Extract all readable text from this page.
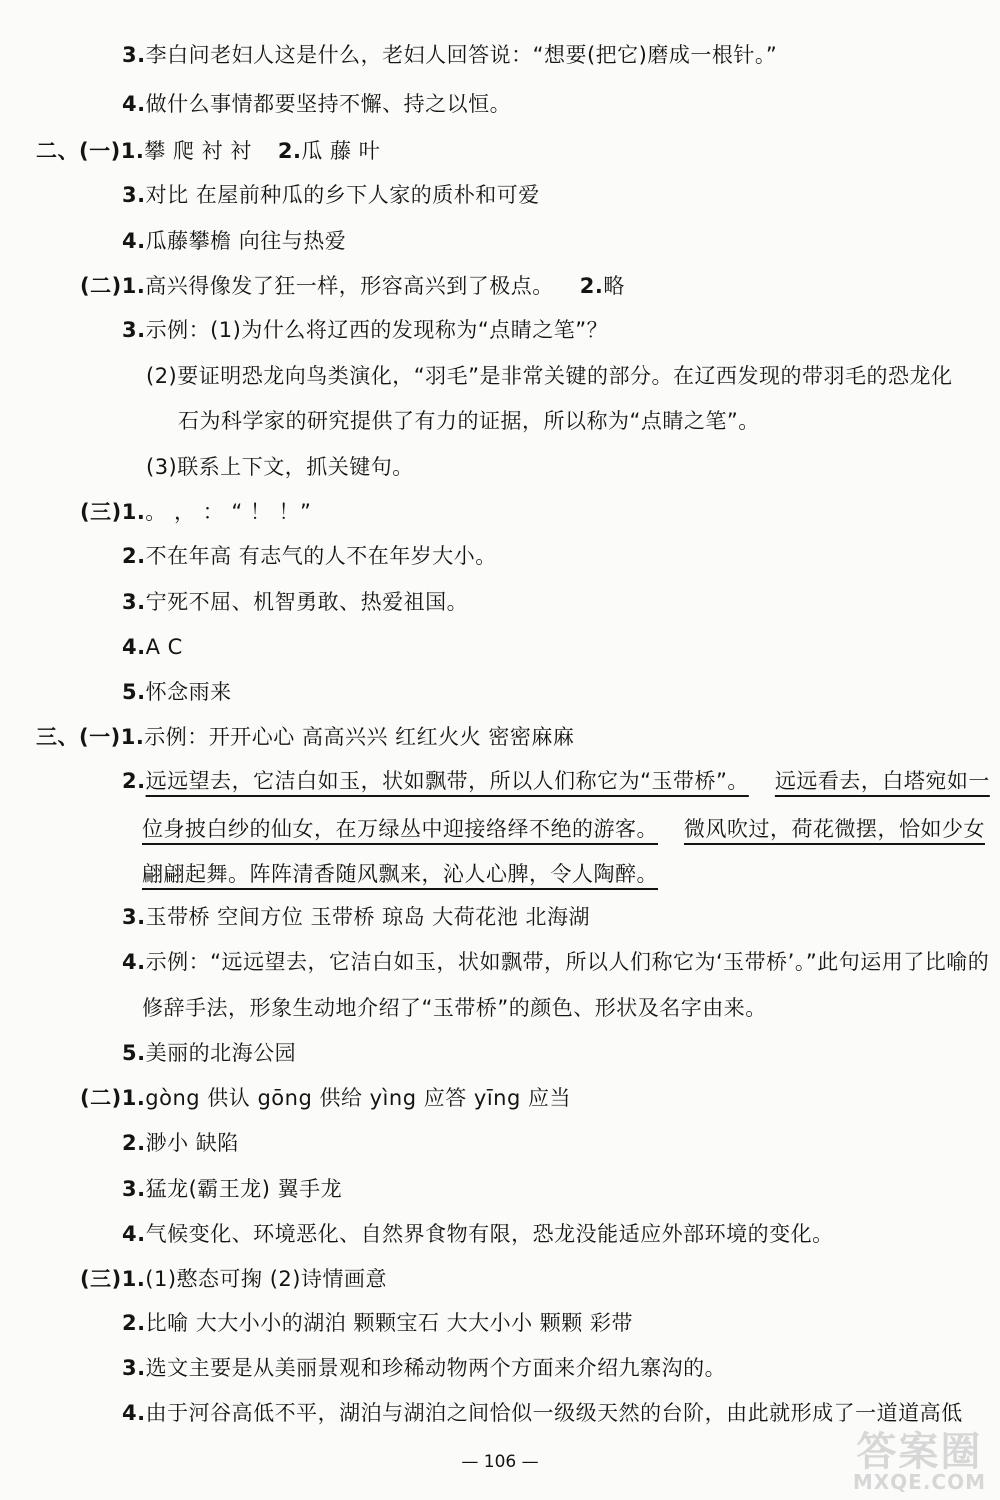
3.李白问老妇人这是什么，老妇人回答说：“想要(把它)磨成一根针。”
4.做什么事情都要坚持不懈、持之以恒。
二、(一)1.攀 爬 衬 衬 2.瓜 藤 叶
3.对比 在屋前种瓜的乡下人家的质朴和可爱
4.瓜藤攀檐 向往与热爱
(二)1.高兴得像发了狂一样，形容高兴到了极点。 2.略
3.示例：(1)为什么将辽西的发现称为“点睛之笔”？
(2)要证明恐龙向鸟类演化，“羽毛”是非常关键的部分。在辽西发现的带羽毛的恐龙化
石为科学家的研究提供了有力的证据，所以称为“点睛之笔”。
(3)联系上下文，抓关键句。
(三)1.。 ， ： “ ！ ！”
2.不在年高 有志气的人不在年岁大小。
3.宁死不屈、机智勇敢、热爱祖国。
4.A C
5.怀念雨来
三、(一)1.示例：开开心心 高高兴兴 红红火火 密密麻麻
2.远远望去，它洁白如玉，状如飘带，所以人们称它为“玉带桥”。 远远看去，白塔宛如一
位身披白纱的仙女，在万绿丛中迎接络绎不绝的游客。 微风吹过，荷花微摆，恰如少女
翩翩起舞。阵阵清香随风飘来，沁人心脾，令人陶醉。
3.玉带桥 空间方位 玉带桥 琼岛 大荷花池 北海湖
4.示例：“远远望去，它洁白如玉，状如飘带，所以人们称它为‘玉带桥’。”此句运用了比喻的
修辞手法，形象生动地介绍了“玉带桥”的颜色、形状及名字由来。
5.美丽的北海公园
(二)1.gòng 供认 gōng 供给 yìng 应答 yīng 应当
2.渺小 缺陷
3.猛龙(霸王龙) 翼手龙
4.气候变化、环境恶化、自然界食物有限，恐龙没能适应外部环境的变化。
(三)1.(1)憨态可掬 (2)诗情画意
2.比喻 大大小小的湖泊 颗颗宝石 大大小小 颗颗 彩带
3.选文主要是从美丽景观和珍稀动物两个方面来介绍九寨沟的。
4.由于河谷高低不平，湖泊与湖泊之间恰似一级级天然的台阶，由此就形成了一道道高低
— 106 —	答案圈
MXQE.COM
